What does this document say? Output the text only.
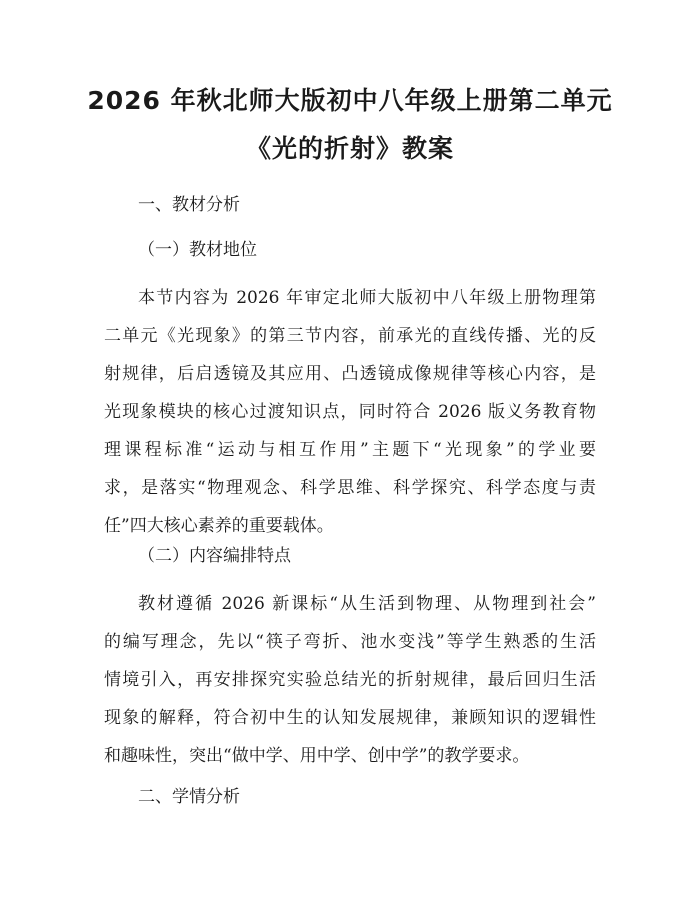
2026 年秋北师大版初中八年级上册第二单元
《光的折射》教案
一、教材分析
（一）教材地位
本节内容为 2026 年审定北师大版初中八年级上册物理第
二单元《光现象》的第三节内容，前承光的直线传播、光的反
射规律，后启透镜及其应用、凸透镜成像规律等核心内容，是
光现象模块的核心过渡知识点，同时符合 2026 版义务教育物
理课程标准“运动与相互作用”主题下“光现象”的学业要
求，是落实“物理观念、科学思维、科学探究、科学态度与责
任”四大核心素养的重要载体。
（二）内容编排特点
教材遵循 2026 新课标“从生活到物理、从物理到社会”
的编写理念，先以“筷子弯折、池水变浅”等学生熟悉的生活
情境引入，再安排探究实验总结光的折射规律，最后回归生活
现象的解释，符合初中生的认知发展规律，兼顾知识的逻辑性
和趣味性，突出“做中学、用中学、创中学”的教学要求。
二、学情分析
